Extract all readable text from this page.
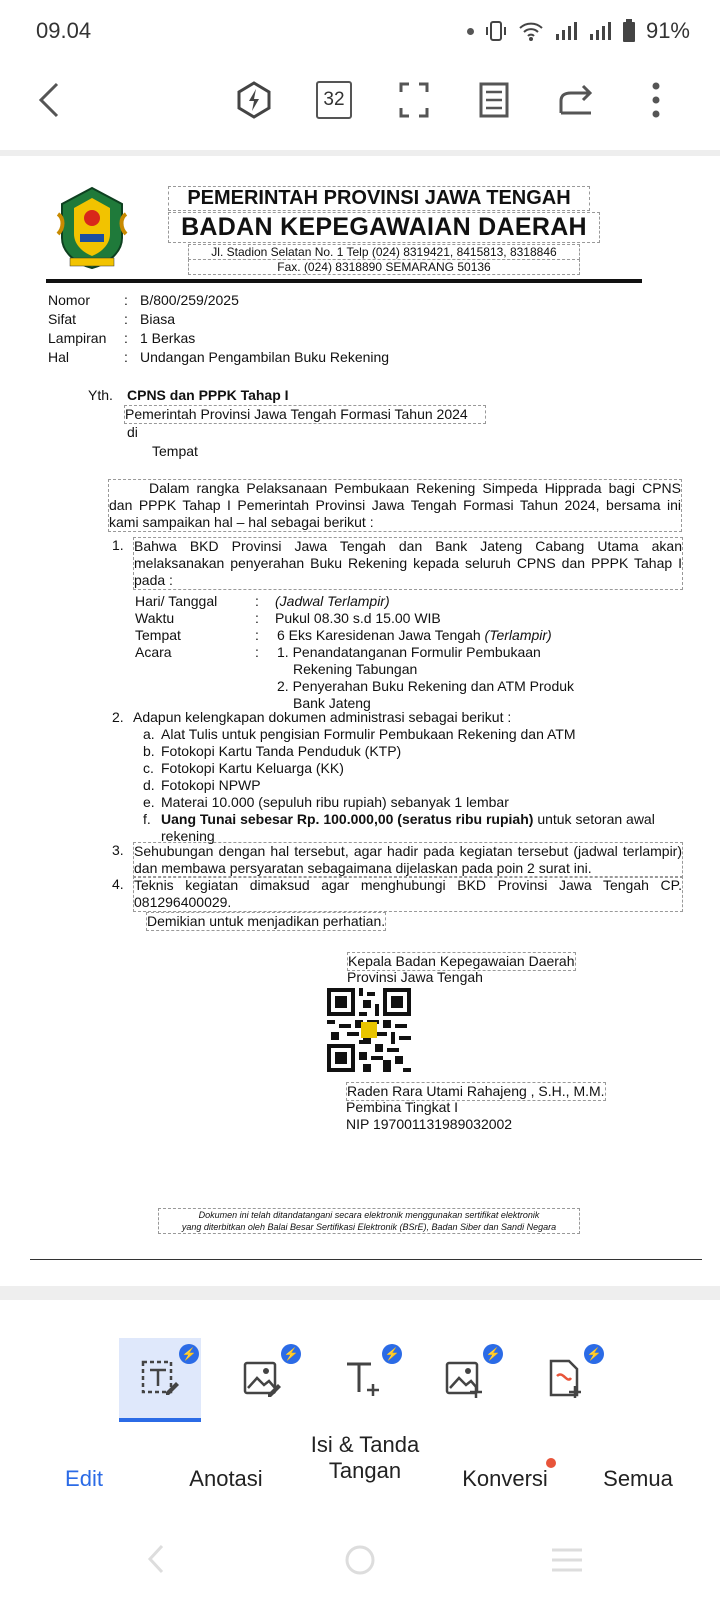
09.04	91%
32
PEMERINTAH PROVINSI JAWA TENGAH
BADAN KEPEGAWAIAN DAERAH
Jl. Stadion Selatan No. 1 Telp (024) 8319421, 8415813, 8318846
Fax. (024) 8318890 SEMARANG 50136
Nomor : B/800/259/2025
Sifat	: Biasa
Lampiran : 1 Berkas
Hal	: Undangan Pengambilan Buku Rekening
Yth. CPNS dan PPPK Tahap I
Pemerintah Provinsi Jawa Tengah Formasi Tahun 2024
di
Tempat
Dalam rangka Pelaksanaan Pembukaan Rekening Simpeda Hipprada bagi CPNS dan PPPK Tahap I Pemerintah Provinsi Jawa Tengah Formasi Tahun 2024, bersama ini kami sampaikan hal – hal sebagai berikut :
1. Bahwa BKD Provinsi Jawa Tengah dan Bank Jateng Cabang Utama akan melaksanakan penyerahan Buku Rekening kepada seluruh CPNS dan PPPK Tahap I pada :
Hari/ Tanggal	: (Jadwal Terlampir)
Waktu	: Pukul 08.30 s.d 15.00 WIB
Tempat	: 6 Eks Karesidenan Jawa Tengah (Terlampir)
Acara	: 1. Penandatanganan Formulir Pembukaan
Rekening Tabungan
2. Penyerahan Buku Rekening dan ATM Produk
Bank Jateng
2. Adapun kelengkapan dokumen administrasi sebagai berikut :
a. Alat Tulis untuk pengisian Formulir Pembukaan Rekening dan ATM
b. Fotokopi Kartu Tanda Penduduk (KTP)
c. Fotokopi Kartu Keluarga (KK)
d. Fotokopi NPWP
e. Materai 10.000 (sepuluh ribu rupiah) sebanyak 1 lembar
f. Uang Tunai sebesar Rp. 100.000,00 (seratus ribu rupiah) untuk setoran awal
rekening
3. Sehubungan dengan hal tersebut, agar hadir pada kegiatan tersebut (jadwal terlampir) dan membawa persyaratan sebagaimana dijelaskan pada poin 2 surat ini.
4. Teknis kegiatan dimaksud agar menghubungi BKD Provinsi Jawa Tengah CP. 081296400029.
Demikian untuk menjadikan perhatian.
Kepala Badan Kepegawaian Daerah
Provinsi Jawa Tengah
Raden Rara Utami Rahajeng , S.H., M.M.
Pembina Tingkat I
NIP 197001131989032002
Dokumen ini telah ditandatangani secara elektronik menggunakan sertifikat elektronik
yang diterbitkan oleh Balai Besar Sertifikasi Elektronik (BSrE), Badan Siber dan Sandi Negara
⚡	⚡	⚡	⚡	⚡
Edit	Anotasi
Isi & Tanda
Tangan	Konversi	Semua
